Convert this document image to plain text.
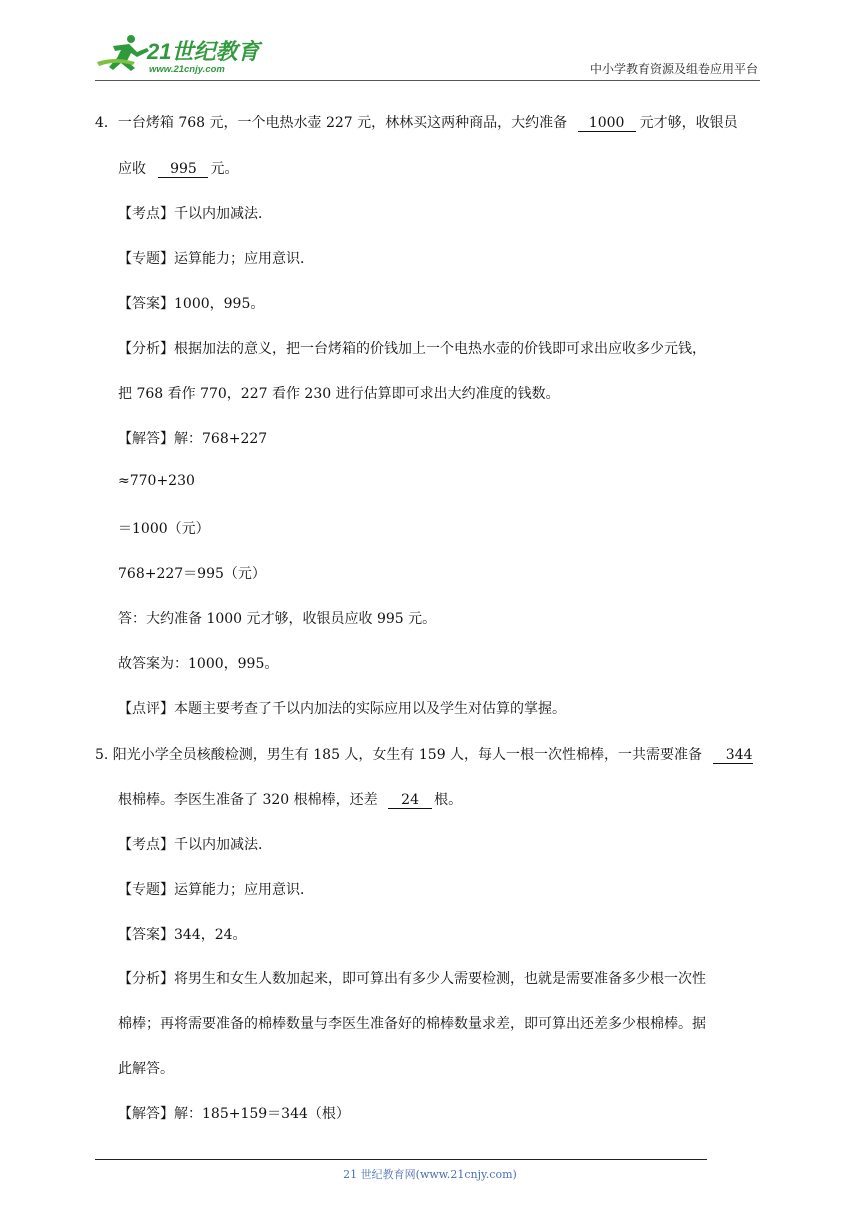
21世纪教育
www.21cnjy.com	中小学教育资源及组卷应用平台
4．一台烤箱 768 元，一个电热水壶 227 元，林林买这两种商品，大约准备 1000 元才够，收银员
应收 995 元。
【考点】千以内加减法．
【专题】运算能力；应用意识．
【答案】1000，995。
【分析】根据加法的意义，把一台烤箱的价钱加上一个电热水壶的价钱即可求出应收多少元钱，
把 768 看作 770，227 看作 230 进行估算即可求出大约准度的钱数。
【解答】解：768+227
≈770+230
＝1000（元）
768+227＝995（元）
答：大约准备 1000 元才够，收银员应收 995 元。
故答案为：1000，995。
【点评】本题主要考查了千以内加法的实际应用以及学生对估算的掌握。
5. 阳光小学全员核酸检测，男生有 185 人，女生有 159 人，每人一根一次性棉棒，一共需要准备 344
根棉棒。李医生准备了 320 根棉棒，还差 24 根。
【考点】千以内加减法．
【专题】运算能力；应用意识．
【答案】344，24。
【分析】将男生和女生人数加起来，即可算出有多少人需要检测，也就是需要准备多少根一次性
棉棒；再将需要准备的棉棒数量与李医生准备好的棉棒数量求差，即可算出还差多少根棉棒。据
此解答。
【解答】解：185+159＝344（根）
21 世纪教育网(www.21cnjy.com)
